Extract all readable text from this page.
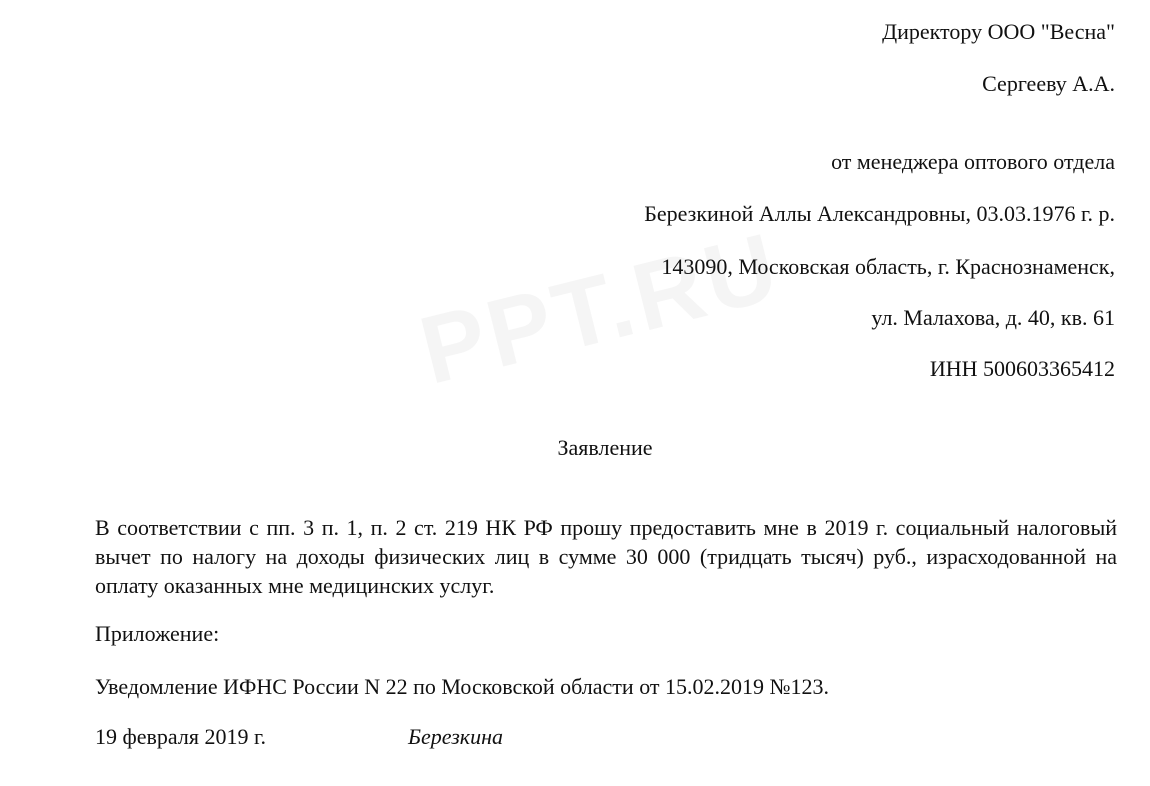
PPT.RU
Директору ООО "Весна"
Сергееву А.А.
от менеджера оптового отдела
Березкиной Аллы Александровны, 03.03.1976 г. р.
143090, Московская область, г. Краснознаменск,
ул. Малахова, д. 40, кв. 61
ИНН 500603365412
Заявление

В соответствии с пп. 3 п. 1, п. 2 ст. 219 НК РФ прошу предоставить мне в 2019 г. социальный налоговый вычет по налогу на доходы физических лиц в сумме 30 000 (тридцать тысяч) руб., израсходованной на оплату оказанных мне медицинских услуг.

Приложение:
Уведомление ИФНС России N 22 по Московской области от 15.02.2019 №123.
19 февраля 2019 г.	Березкина
